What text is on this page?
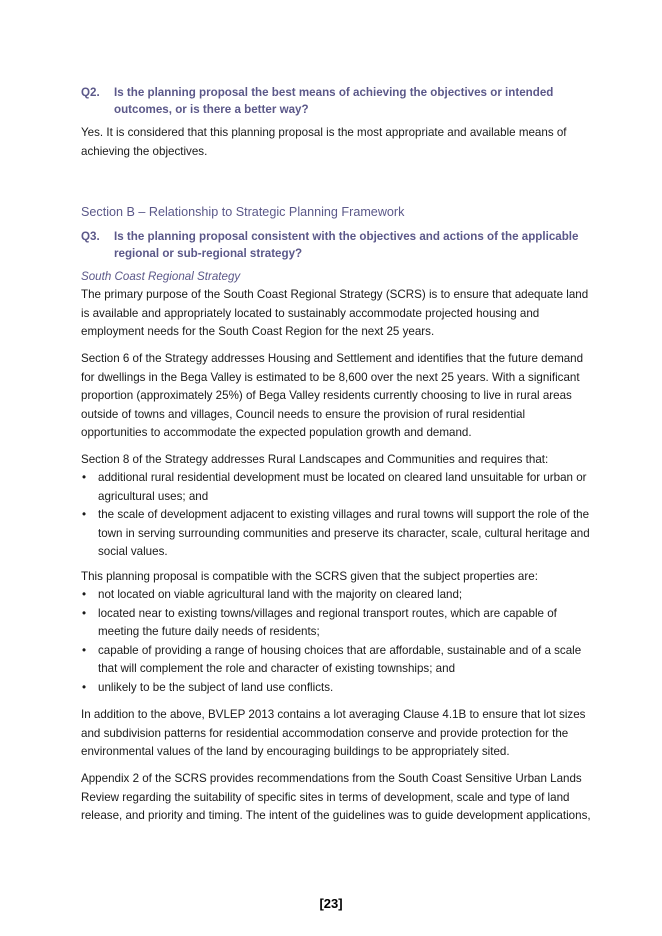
Q2.	Is the planning proposal the best means of achieving the objectives or intended outcomes, or is there a better way?
Yes. It is considered that this planning proposal is the most appropriate and available means of achieving the objectives.
Section B – Relationship to Strategic Planning Framework
Q3.	Is the planning proposal consistent with the objectives and actions of the applicable regional or sub-regional strategy?
South Coast Regional Strategy
The primary purpose of the South Coast Regional Strategy (SCRS) is to ensure that adequate land is available and appropriately located to sustainably accommodate projected housing and employment needs for the South Coast Region for the next 25 years.
Section 6 of the Strategy addresses Housing and Settlement and identifies that the future demand for dwellings in the Bega Valley is estimated to be 8,600 over the next 25 years. With a significant proportion (approximately 25%) of Bega Valley residents currently choosing to live in rural areas outside of towns and villages, Council needs to ensure the provision of rural residential opportunities to accommodate the expected population growth and demand.
Section 8 of the Strategy addresses Rural Landscapes and Communities and requires that:
• additional rural residential development must be located on cleared land unsuitable for urban or agricultural uses; and
• the scale of development adjacent to existing villages and rural towns will support the role of the town in serving surrounding communities and preserve its character, scale, cultural heritage and social values.
This planning proposal is compatible with the SCRS given that the subject properties are:
• not located on viable agricultural land with the majority on cleared land;
• located near to existing towns/villages and regional transport routes, which are capable of meeting the future daily needs of residents;
• capable of providing a range of housing choices that are affordable, sustainable and of a scale that will complement the role and character of existing townships; and
• unlikely to be the subject of land use conflicts.
In addition to the above, BVLEP 2013 contains a lot averaging Clause 4.1B to ensure that lot sizes and subdivision patterns for residential accommodation conserve and provide protection for the environmental values of the land by encouraging buildings to be appropriately sited.
Appendix 2 of the SCRS provides recommendations from the South Coast Sensitive Urban Lands Review regarding the suitability of specific sites in terms of development, scale and type of land release, and priority and timing. The intent of the guidelines was to guide development applications,
[23]
